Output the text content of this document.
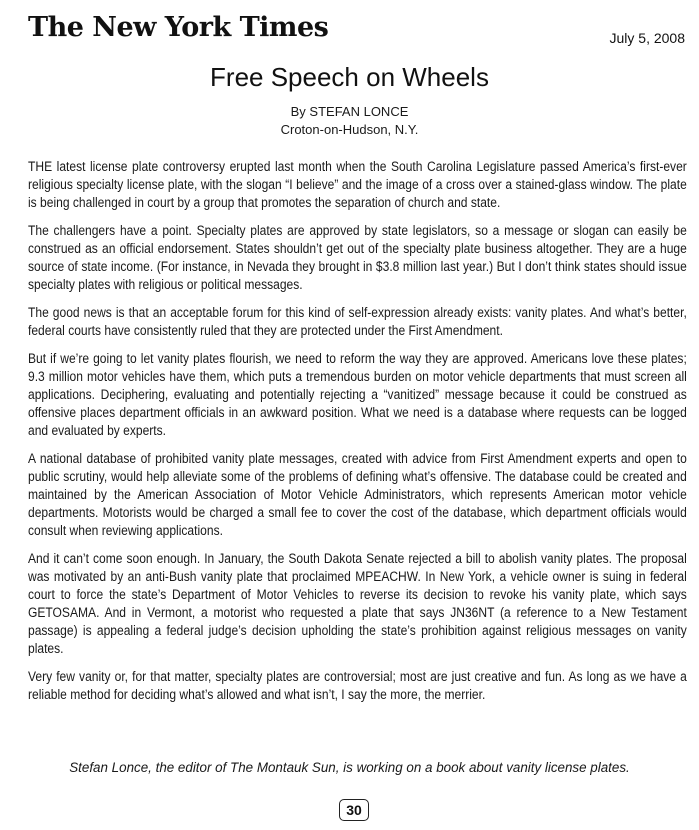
The New York Times	July 5, 2008
Free Speech on Wheels
By STEFAN LONCE
Croton-on-Hudson, N.Y.

THE latest license plate controversy erupted last month when the South Carolina Legislature passed America’s first-ever religious specialty license plate, with the slogan “I believe” and the image of a cross over a stained-glass window. The plate is being challenged in court by a group that promotes the separation of church and state.

The challengers have a point. Specialty plates are approved by state legislators, so a message or slogan can easily be construed as an official endorsement. States shouldn’t get out of the specialty plate business altogether. They are a huge source of state income. (For instance, in Nevada they brought in $3.8 million last year.) But I don’t think states should issue specialty plates with religious or political messages.

The good news is that an acceptable forum for this kind of self-expression already exists: vanity plates. And what’s better, federal courts have consistently ruled that they are protected under the First Amendment.

But if we’re going to let vanity plates flourish, we need to reform the way they are approved. Americans love these plates; 9.3 million motor vehicles have them, which puts a tremendous burden on motor vehicle departments that must screen all applications. Deciphering, evaluating and potentially rejecting a “vanitized” message because it could be construed as offensive places department officials in an awkward position. What we need is a database where requests can be logged and evaluated by experts.

A national database of prohibited vanity plate messages, created with advice from First Amendment experts and open to public scrutiny, would help alleviate some of the problems of defining what’s offensive. The database could be created and maintained by the American Association of Motor Vehicle Administrators, which represents American motor vehicle departments. Motorists would be charged a small fee to cover the cost of the database, which department officials would consult when reviewing applications.

And it can’t come soon enough. In January, the South Dakota Senate rejected a bill to abolish vanity plates. The proposal was motivated by an anti-Bush vanity plate that proclaimed MPEACHW. In New York, a vehicle owner is suing in federal court to force the state’s Department of Motor Vehicles to reverse its decision to revoke his vanity plate, which says GETOSAMA. And in Vermont, a motorist who requested a plate that says JN36NT (a reference to a New Testament passage) is appealing a federal judge’s decision upholding the state’s prohibition against religious messages on vanity plates.

Very few vanity or, for that matter, specialty plates are controversial; most are just creative and fun. As long as we have a reliable method for deciding what’s allowed and what isn’t, I say the more, the merrier.

Stefan Lonce, the editor of The Montauk Sun, is working on a book about vanity license plates.
30
